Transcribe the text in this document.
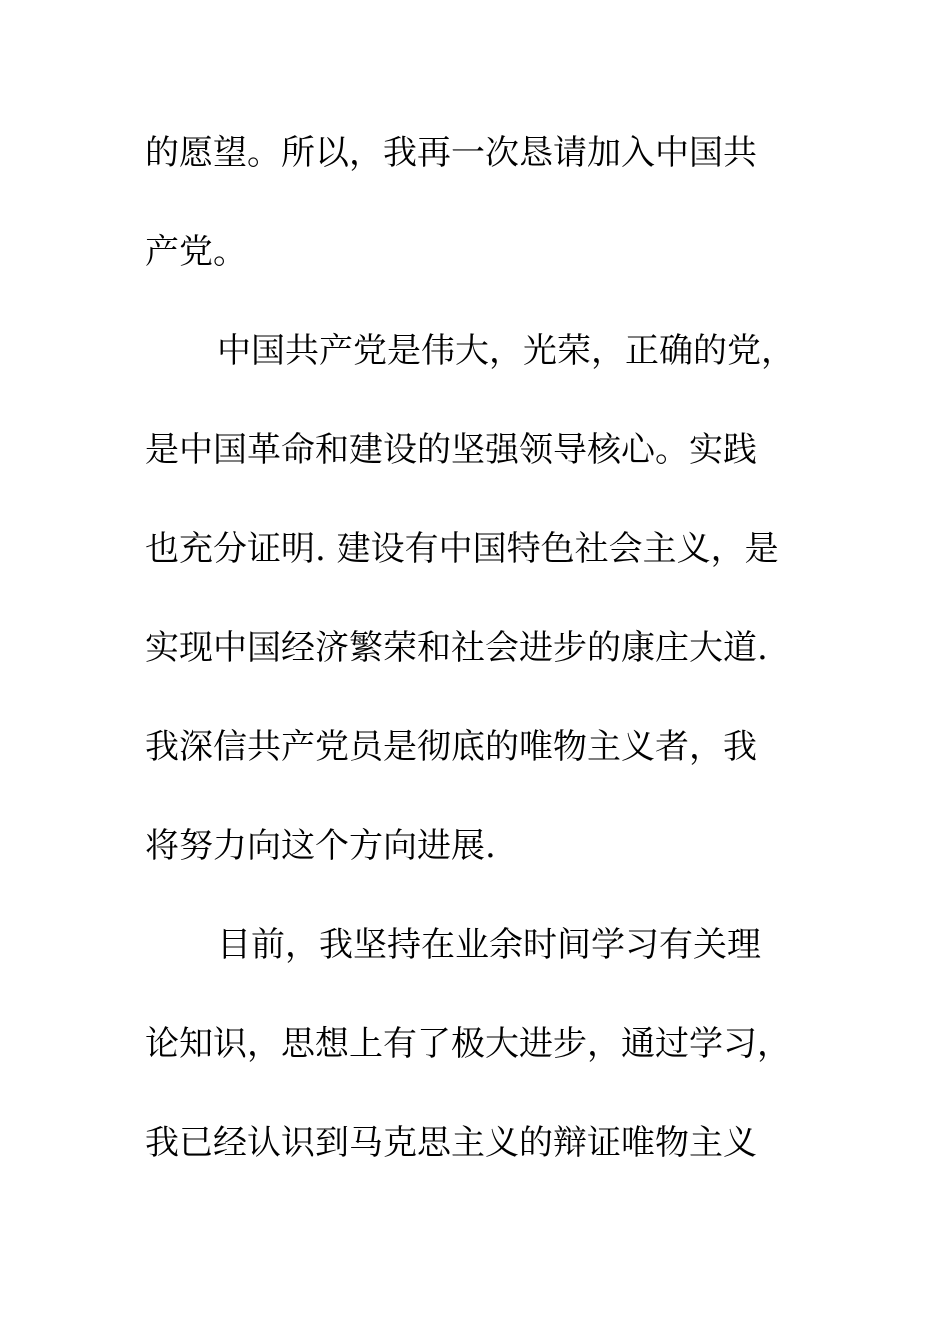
的愿望。所以，我再一次恳请加入中国共
产党。
中国共产党是伟大，光荣，正确的党，
是中国革命和建设的坚强领导核心。实践
也充分证明. 建设有中国特色社会主义，是
实现中国经济繁荣和社会进步的康庄大道.
我深信共产党员是彻底的唯物主义者，我
将努力向这个方向进展.
目前，我坚持在业余时间学习有关理
论知识，思想上有了极大进步，通过学习，
我已经认识到马克思主义的辩证唯物主义
